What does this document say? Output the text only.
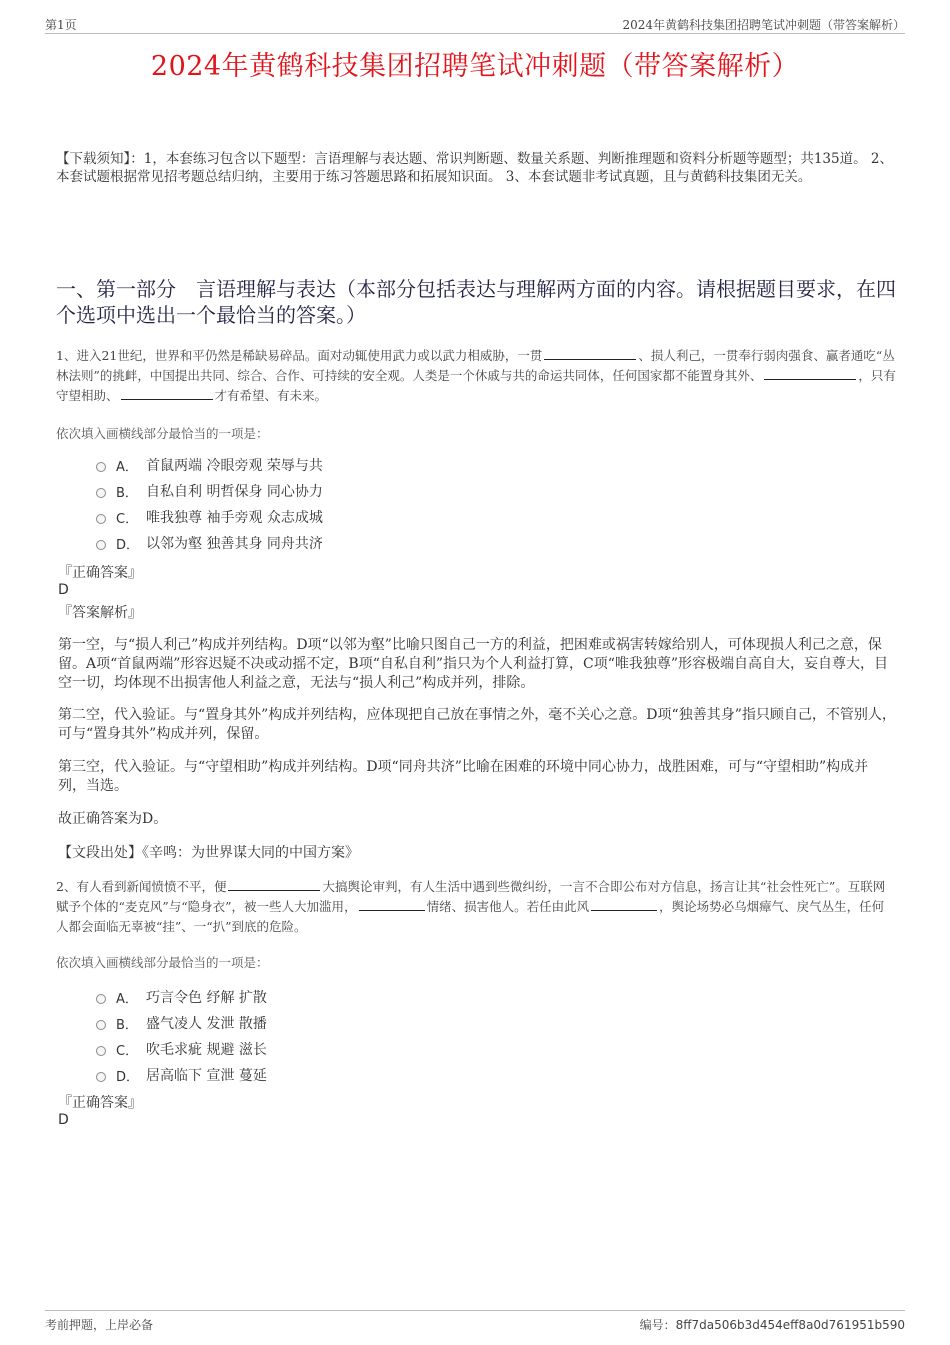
第1页	2024年黄鹤科技集团招聘笔试冲刺题（带答案解析）
2024年黄鹤科技集团招聘笔试冲刺题（带答案解析）
【下载须知】：1，本套练习包含以下题型：言语理解与表达题、常识判断题、数量关系题、判断推理题和资料分析题等题型；共135道。 2、本套试题根据常见招考题总结归纳，主要用于练习答题思路和拓展知识面。 3、本套试题非考试真题，且与黄鹤科技集团无关。
一、第一部分　言语理解与表达（本部分包括表达与理解两方面的内容。请根据题目要求，在四个选项中选出一个最恰当的答案。）
1、进入21世纪，世界和平仍然是稀缺易碎品。面对动辄使用武力或以武力相威胁，一贯	、损人利己，一贯奉行弱肉强食、赢者通吃“丛林法则”的挑衅，中国提出共同、综合、合作、可持续的安全观。人类是一个休戚与共的命运共同体，任何国家都不能置身其外、	，只有守望相助、	才有希望、有未来。
依次填入画横线部分最恰当的一项是：
A． 首鼠两端 冷眼旁观 荣辱与共
B． 自私自利 明哲保身 同心协力
C． 唯我独尊 袖手旁观 众志成城
D． 以邻为壑 独善其身 同舟共济
『正确答案』
D
『答案解析』
第一空，与“损人利己”构成并列结构。D项“以邻为壑”比喻只图自己一方的利益，把困难或祸害转嫁给别人，可体现损人利己之意，保留。A项“首鼠两端”形容迟疑不决或动摇不定，B项“自私自利”指只为个人利益打算，C项“唯我独尊”形容极端自高自大，妄自尊大，目空一切，均体现不出损害他人利益之意，无法与“损人利己”构成并列，排除。
第二空，代入验证。与“置身其外”构成并列结构，应体现把自己放在事情之外，毫不关心之意。D项“独善其身”指只顾自己，不管别人，可与“置身其外”构成并列，保留。
第三空，代入验证。与“守望相助”构成并列结构。D项“同舟共济”比喻在困难的环境中同心协力，战胜困难，可与“守望相助”构成并列，当选。
故正确答案为D。
【文段出处】《辛鸣：为世界谋大同的中国方案》
2、有人看到新闻愤愤不平，便	大搞舆论审判，有人生活中遇到些微纠纷，一言不合即公布对方信息，扬言让其“社会性死亡”。互联网赋予个体的“麦克风”与“隐身衣”，被一些人大加滥用，	情绪、损害他人。若任由此风	，舆论场势必乌烟瘴气、戾气丛生，任何人都会面临无辜被“挂”、一“扒”到底的危险。
依次填入画横线部分最恰当的一项是：
A． 巧言令色 纾解 扩散
B． 盛气凌人 发泄 散播
C． 吹毛求疵 规避 滋长
D． 居高临下 宣泄 蔓延
『正确答案』
D
考前押题，上岸必备	编号：8ff7da506b3d454eff8a0d761951b590
